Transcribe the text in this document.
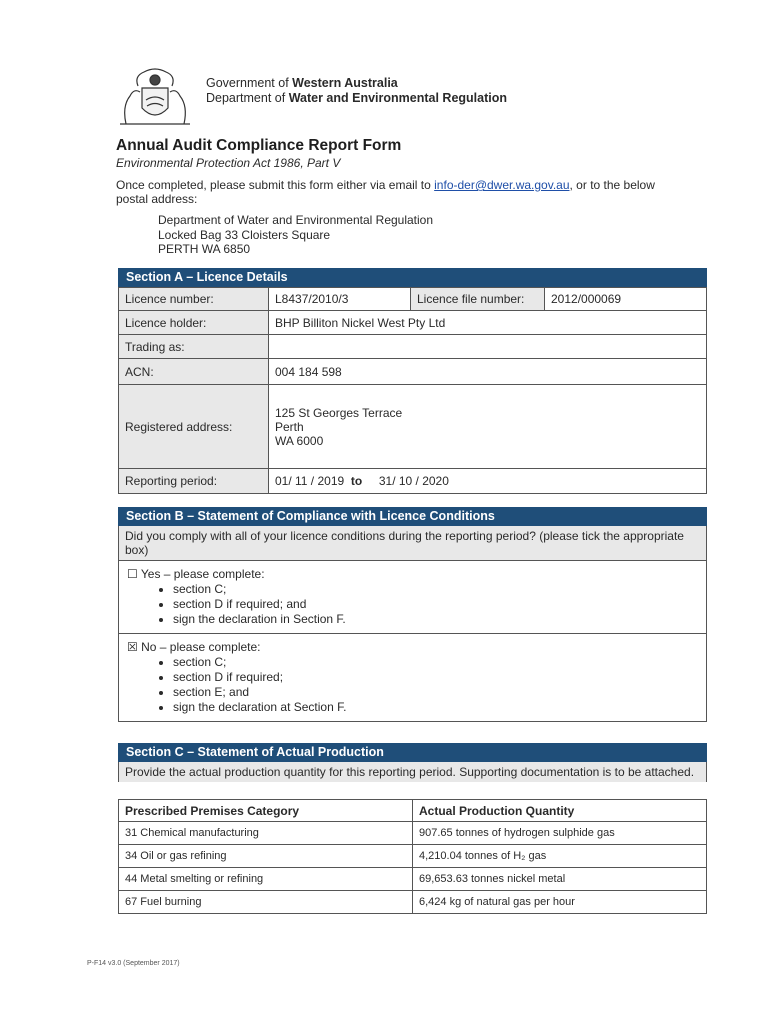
Government of Western Australia
Department of Water and Environmental Regulation
Annual Audit Compliance Report Form
Environmental Protection Act 1986, Part V
Once completed, please submit this form either via email to info-der@dwer.wa.gov.au, or to the below postal address:
Department of Water and Environmental Regulation
Locked Bag 33 Cloisters Square
PERTH WA 6850
Section A – Licence Details
Licence number:	L8437/2010/3	Licence file number:	2012/000069
Licence holder:	BHP Billiton Nickel West Pty Ltd		
Trading as:			
ACN:	004 184 598		
Registered address:	125 St Georges Terrace
Perth
WA 6000		

Reporting period:	01/ 11 / 2019 to 31/ 10 / 2020		
Section B – Statement of Compliance with Licence Conditions
Did you comply with all of your licence conditions during the reporting period? (please tick the appropriate box)
☐ Yes – please complete:
• section C;
• section D if required; and
• sign the declaration in Section F.
☒ No – please complete:
• section C;
• section D if required;
• section E; and
• sign the declaration at Section F.
Section C – Statement of Actual Production
Provide the actual production quantity for this reporting period. Supporting documentation is to be attached.
Prescribed Premises Category	Actual Production Quantity
31 Chemical manufacturing	907.65 tonnes of hydrogen sulphide gas
34 Oil or gas refining	4,210.04 tonnes of H₂ gas
44 Metal smelting or refining	69,653.63 tonnes nickel metal
67 Fuel burning	6,424 kg of natural gas per hour
P-F14 v3.0 (September 2017)
